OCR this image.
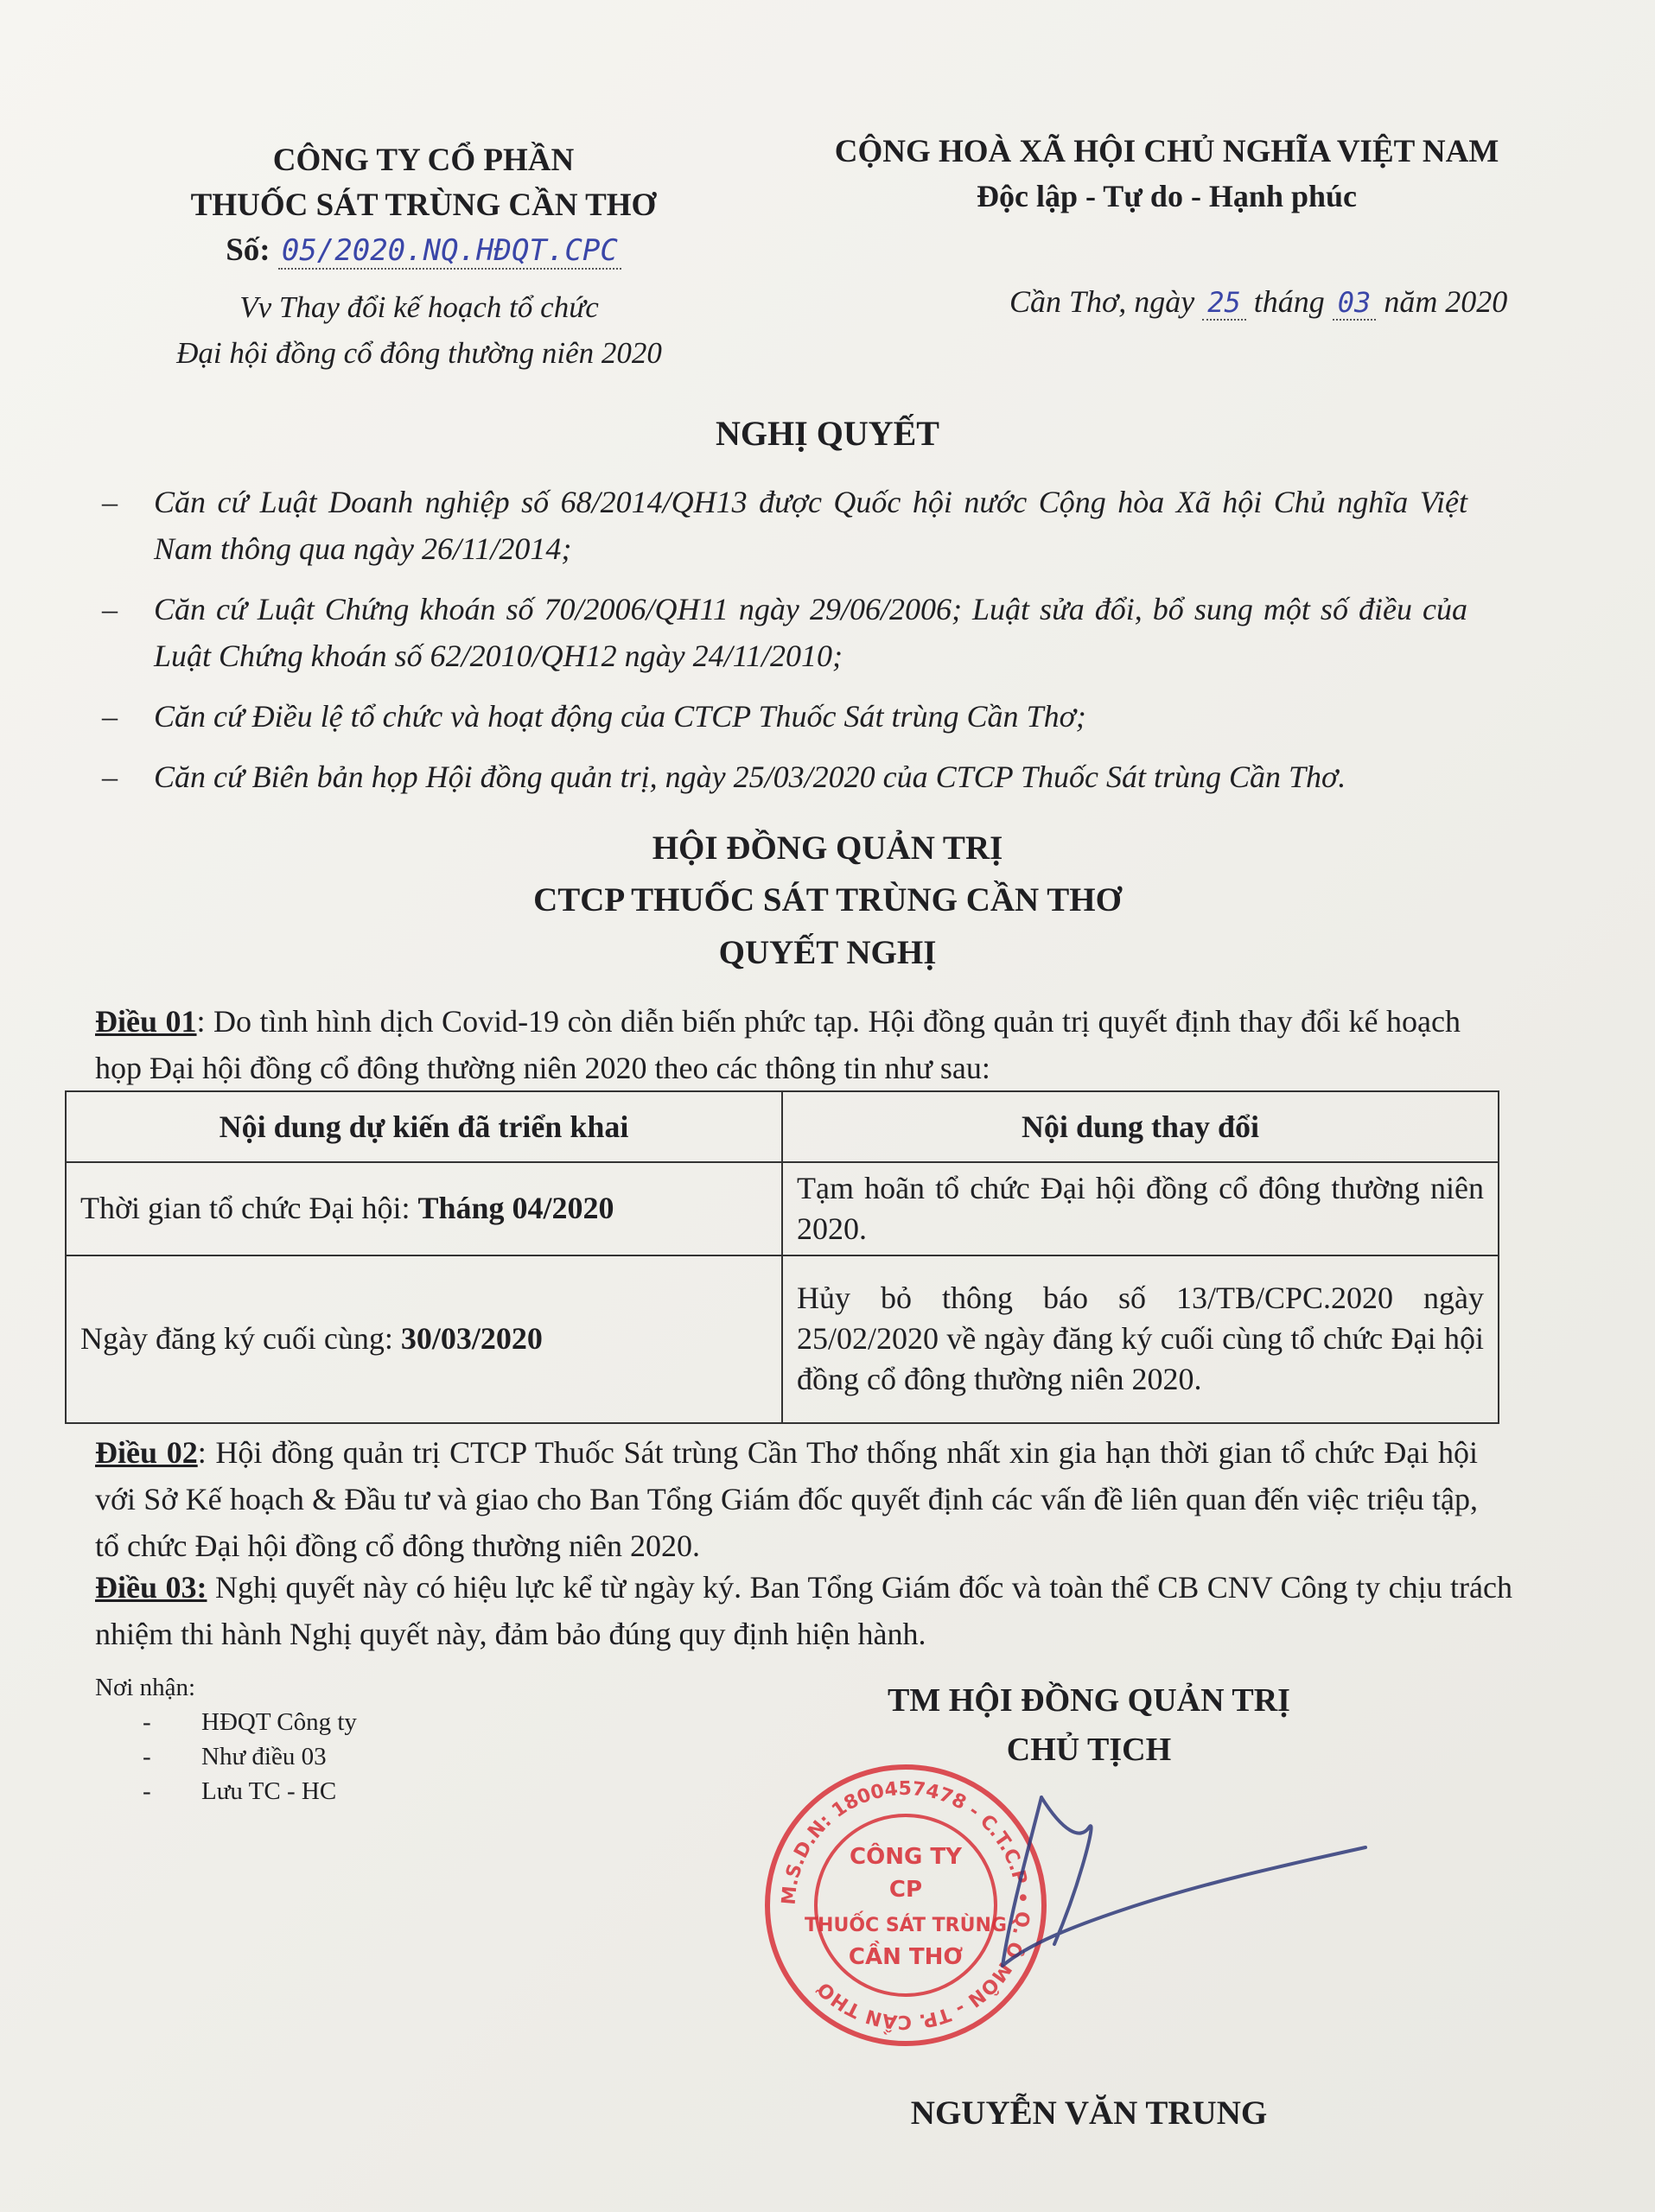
CÔNG TY CỔ PHẦN
THUỐC SÁT TRÙNG CẦN THƠ
Số: 05/2020.NQ.HĐQT.CPC
Vv Thay đổi kế hoạch tổ chức
Đại hội đồng cổ đông thường niên 2020
CỘNG HOÀ XÃ HỘI CHỦ NGHĨA VIỆT NAM
Độc lập - Tự do - Hạnh phúc
Cần Thơ, ngày 25 tháng 03 năm 2020
NGHỊ QUYẾT
– Căn cứ Luật Doanh nghiệp số 68/2014/QH13 được Quốc hội nước Cộng hòa Xã hội Chủ nghĩa Việt Nam thông qua ngày 26/11/2014;
– Căn cứ Luật Chứng khoán số 70/2006/QH11 ngày 29/06/2006; Luật sửa đổi, bổ sung một số điều của Luật Chứng khoán số 62/2010/QH12 ngày 24/11/2010;
– Căn cứ Điều lệ tổ chức và hoạt động của CTCP Thuốc Sát trùng Cần Thơ;
– Căn cứ Biên bản họp Hội đồng quản trị, ngày 25/03/2020 của CTCP Thuốc Sát trùng Cần Thơ.
HỘI ĐỒNG QUẢN TRỊ
CTCP THUỐC SÁT TRÙNG CẦN THƠ
QUYẾT NGHỊ
Điều 01: Do tình hình dịch Covid-19 còn diễn biến phức tạp. Hội đồng quản trị quyết định thay đổi kế hoạch họp Đại hội đồng cổ đông thường niên 2020 theo các thông tin như sau:
Nội dung dự kiến đã triển khai	Nội dung thay đổi
Thời gian tổ chức Đại hội: Tháng 04/2020	Tạm hoãn tổ chức Đại hội đồng cổ đông thường niên 2020.
Ngày đăng ký cuối cùng: 30/03/2020	Hủy bỏ thông báo số 13/TB/CPC.2020 ngày 25/02/2020 về ngày đăng ký cuối cùng tổ chức Đại hội đồng cổ đông thường niên 2020.
Điều 02: Hội đồng quản trị CTCP Thuốc Sát trùng Cần Thơ thống nhất xin gia hạn thời gian tổ chức Đại hội với Sở Kế hoạch & Đầu tư và giao cho Ban Tổng Giám đốc quyết định các vấn đề liên quan đến việc triệu tập, tổ chức Đại hội đồng cổ đông thường niên 2020.
Điều 03: Nghị quyết này có hiệu lực kể từ ngày ký. Ban Tổng Giám đốc và toàn thể CB CNV Công ty chịu trách nhiệm thi hành Nghị quyết này, đảm bảo đúng quy định hiện hành.
Nơi nhận:
- HĐQT Công ty
- Như điều 03
- Lưu TC - HC
TM HỘI ĐỒNG QUẢN TRỊ
CHỦ TỊCH
M.S.D.N: 1800457478 - C.T.C.P • Q. Ô MÔN - TP. CẦN THƠ
CÔNG TY
CP
THUỐC SÁT TRÙNG
CẦN THƠ
NGUYỄN VĂN TRUNG
